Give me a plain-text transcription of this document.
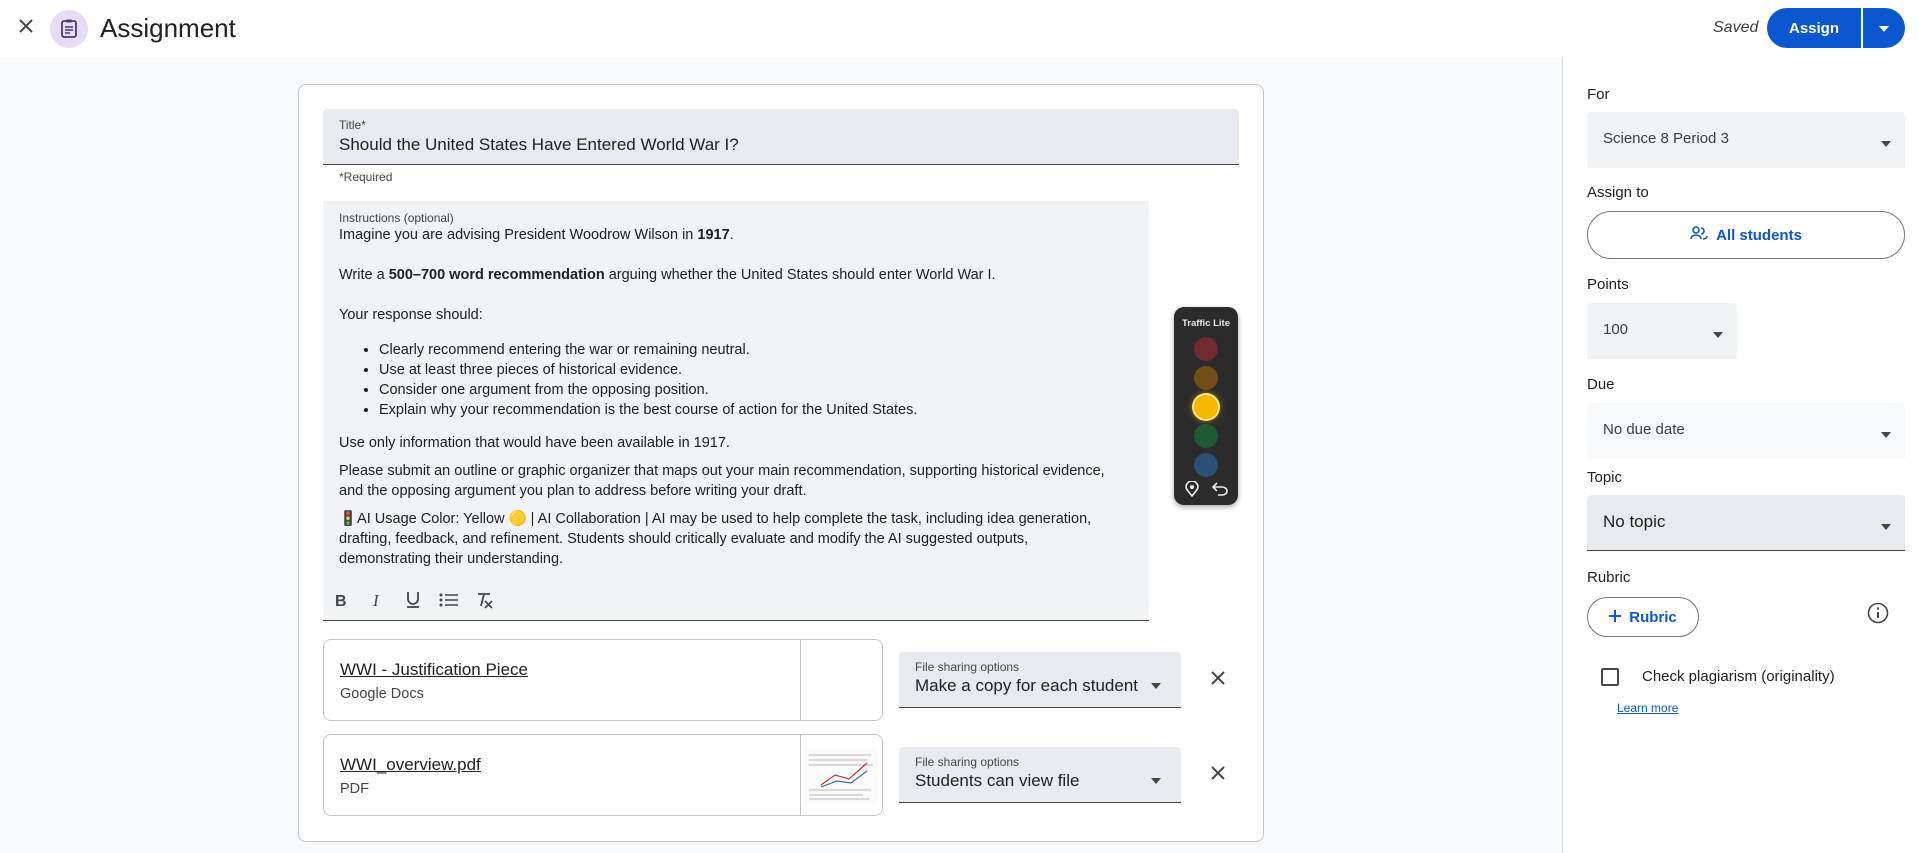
Assignment	Saved	Assign
Title*
Should the United States Have Entered World War I?
*Required
Instructions (optional)
Imagine you are advising President Woodrow Wilson in 1917.
Write a 500–700 word recommendation arguing whether the United States should enter World War I.
Your response should:
• Clearly recommend entering the war or remaining neutral.
• Use at least three pieces of historical evidence.
• Consider one argument from the opposing position.
• Explain why your recommendation is the best course of action for the United States.
Use only information that would have been available in 1917.
Please submit an outline or graphic organizer that maps out your main recommendation, supporting historical evidence,
and the opposing argument you plan to address before writing your draft.
🚦AI Usage Color: Yellow 🟡 | AI Collaboration | AI may be used to help complete the task, including idea generation,
drafting, feedback, and refinement. Students should critically evaluate and modify the AI suggested outputs,
demonstrating their understanding.
B I
Traffic Lite
WWI - Justification Piece
Google Docs
File sharing options
Make a copy for each student
WWI_overview.pdf
PDF
File sharing options
Students can view file
For
Science 8 Period 3
Assign to
All students
Points
100
Due
No due date
Topic
No topic
Rubric
Rubric
Check plagiarism (originality)
Learn more
